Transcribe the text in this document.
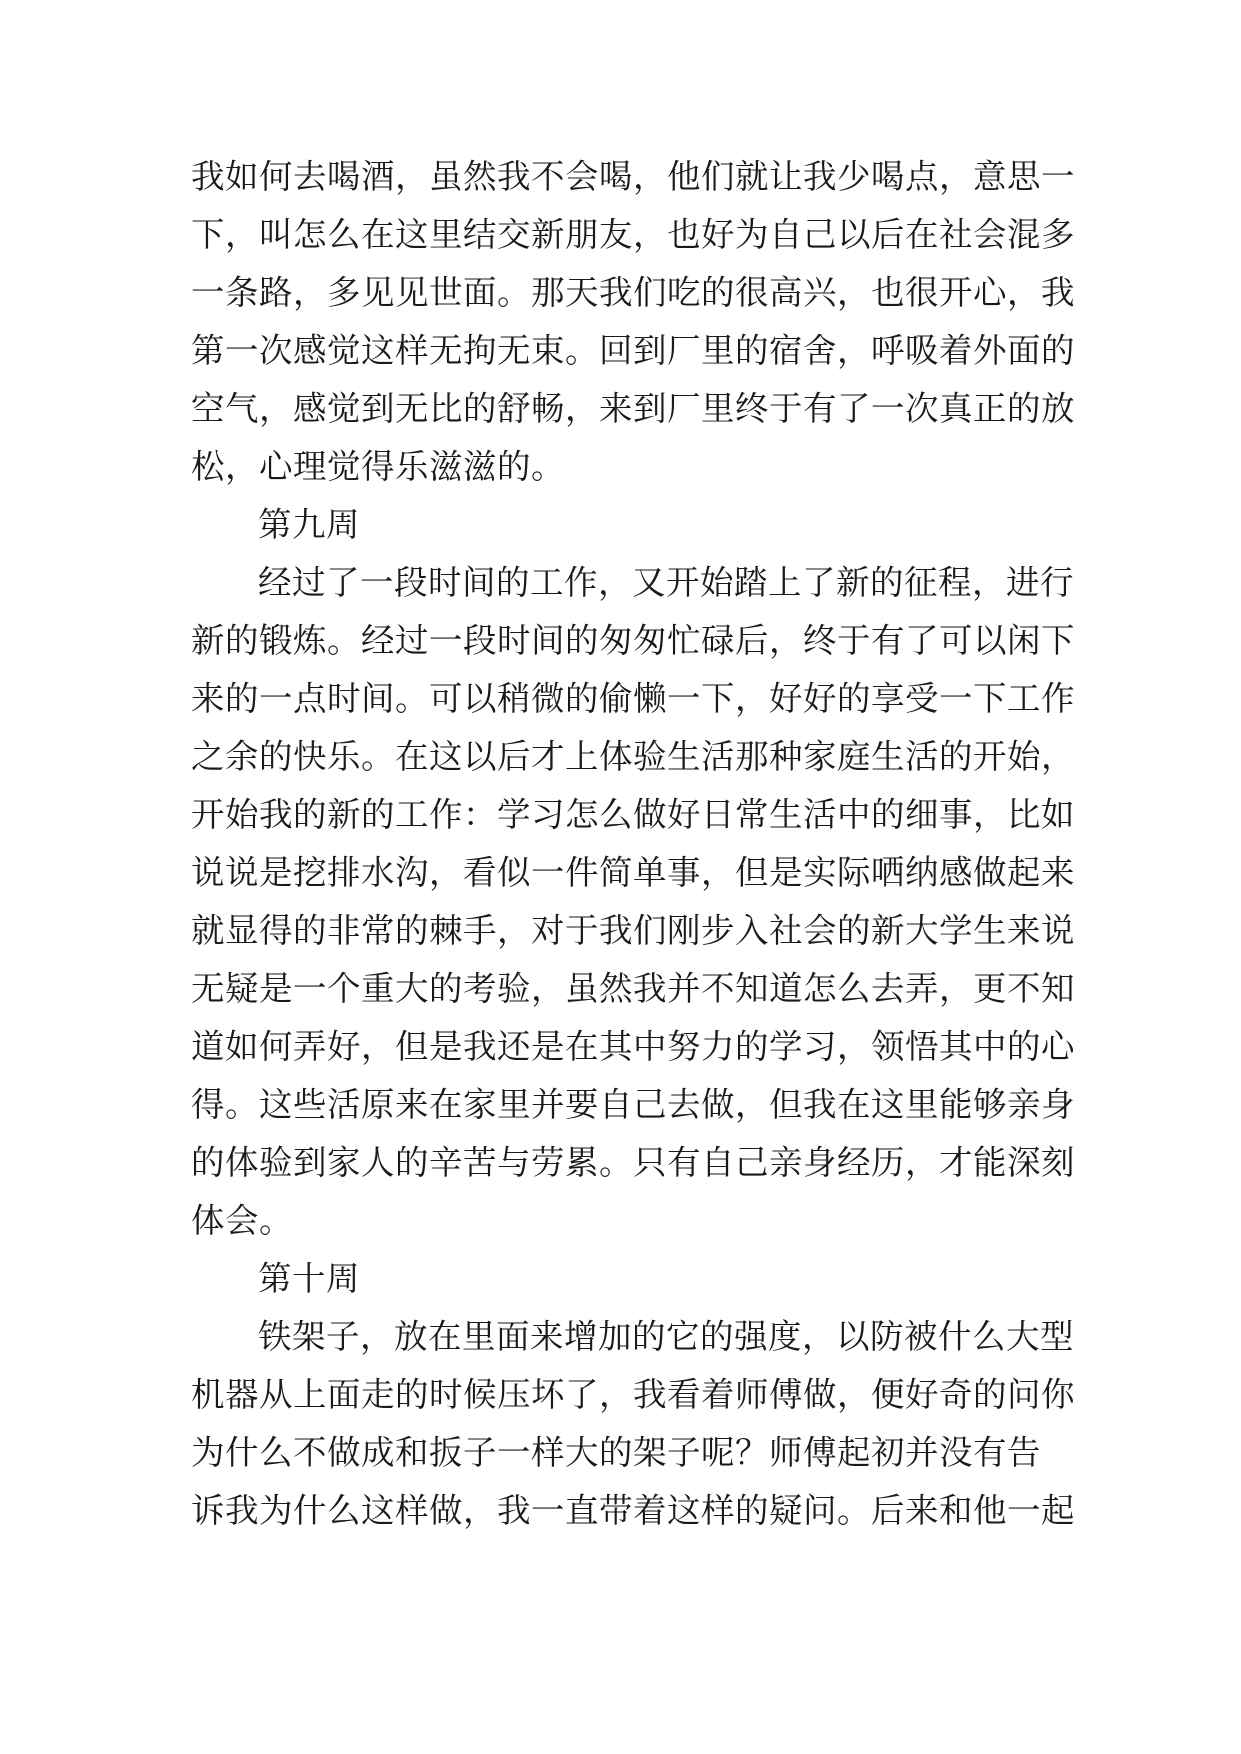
我如何去喝酒，虽然我不会喝，他们就让我少喝点，意思一
下，叫怎么在这里结交新朋友，也好为自己以后在社会混多
一条路，多见见世面。那天我们吃的很高兴，也很开心，我
第一次感觉这样无拘无束。回到厂里的宿舍，呼吸着外面的
空气，感觉到无比的舒畅，来到厂里终于有了一次真正的放
松，心理觉得乐滋滋的。
第九周
经过了一段时间的工作，又开始踏上了新的征程，进行
新的锻炼。经过一段时间的匆匆忙碌后，终于有了可以闲下
来的一点时间。可以稍微的偷懒一下，好好的享受一下工作
之余的快乐。在这以后才上体验生活那种家庭生活的开始，
开始我的新的工作：学习怎么做好日常生活中的细事，比如
说说是挖排水沟，看似一件简单事，但是实际哂纳感做起来
就显得的非常的棘手，对于我们刚步入社会的新大学生来说
无疑是一个重大的考验，虽然我并不知道怎么去弄，更不知
道如何弄好，但是我还是在其中努力的学习，领悟其中的心
得。这些活原来在家里并要自己去做，但我在这里能够亲身
的体验到家人的辛苦与劳累。只有自己亲身经历，才能深刻
体会。
第十周
铁架子，放在里面来增加的它的强度，以防被什么大型
机器从上面走的时候压坏了，我看着师傅做，便好奇的问你
为什么不做成和扳子一样大的架子呢？师傅起初并没有告
诉我为什么这样做，我一直带着这样的疑问。后来和他一起
